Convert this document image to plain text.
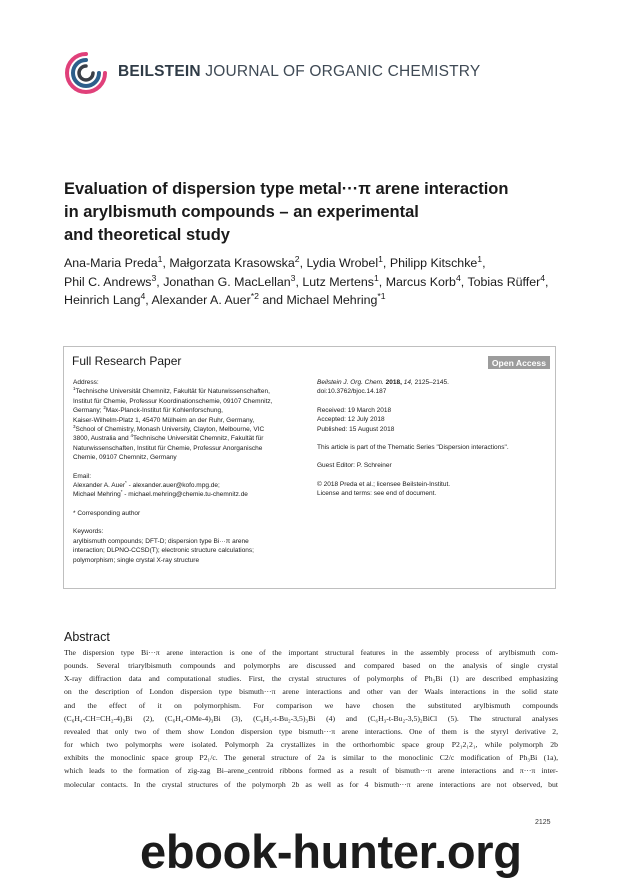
BEILSTEIN JOURNAL OF ORGANIC CHEMISTRY
Evaluation of dispersion type metal···π arene interaction
in arylbismuth compounds – an experimental
and theoretical study
Ana-Maria Preda$^1$, Małgorzata Krasowska$^2$, Lydia Wrobel$^1$, Philipp Kitschke$^1$,
Phil C. Andrews$^3$, Jonathan G. MacLellan$^3$, Lutz Mertens$^1$, Marcus Korb$^4$, Tobias Rüffer$^4$,
Heinrich Lang$^4$, Alexander A. Auer$^{*2}$ and Michael Mehring$^{*1}$
Full Research Paper	Open Access

Address:

$^1$Technische Universität Chemnitz, Fakultät für Naturwissenschaften,

Institut für Chemie, Professur Koordinationschemie, 09107 Chemnitz,

Germany; $^2$Max-Planck-Institut für Kohlenforschung,

Kaiser-Wilhelm-Platz 1, 45470 Mülheim an der Ruhr, Germany,

$^3$School of Chemistry, Monash University, Clayton, Melbourne, VIC

3800, Australia and $^4$Technische Universität Chemnitz, Fakultät für

Naturwissenschaften, Institut für Chemie, Professur Anorganische

Chemie, 09107 Chemnitz, Germany

Email:

Alexander A. Auer* - alexander.auer@kofo.mpg.de;

Michael Mehring* - michael.mehring@chemie.tu-chemnitz.de

* Corresponding author

Keywords:

arylbismuth compounds; DFT-D; dispersion type Bi···π arene

interaction; DLPNO-CCSD(T); electronic structure calculations;

polymorphism; single crystal X-ray structure

Beilstein J. Org. Chem. 2018, 14, 2125–2145.

doi:10.3762/bjoc.14.187

Received: 19 March 2018

Accepted: 12 July 2018

Published: 15 August 2018

This article is part of the Thematic Series "Dispersion interactions".

Guest Editor: P. Schreiner

© 2018 Preda et al.; licensee Beilstein-Institut.

License and terms: see end of document.

Abstract
The dispersion type Bi···π arene interaction is one of the important structural features in the assembly process of arylbismuth com-
pounds. Several triarylbismuth compounds and polymorphs are discussed and compared based on the analysis of single crystal
X-ray diffraction data and computational studies. First, the crystal structures of polymorphs of Ph₃Bi (1) are described emphasizing
on the description of London dispersion type bismuth···π arene interactions and other van der Waals interactions in the solid state
and the effect of it on polymorphism. For comparison we have chosen the substituted arylbismuth compounds
(C₆H₄-CH=CH₂-4)₃Bi (2), (C₆H₄-OMe-4)₃Bi (3), (C₆H₃-t-Bu₂-3,5)₃Bi (4) and (C₆H₃-t-Bu₂-3,5)₂BiCl (5). The structural analyses
revealed that only two of them show London dispersion type bismuth···π arene interactions. One of them is the styryl derivative 2,
for which two polymorphs were isolated. Polymorph 2a crystallizes in the orthorhombic space group P2₁2₁2₁, while polymorph 2b
exhibits the monoclinic space group P2₁/c. The general structure of 2a is similar to the monoclinic C2/c modification of Ph₃Bi (1a),
which leads to the formation of zig-zag Bi–arene_centroid ribbons formed as a result of bismuth···π arene interactions and π···π inter-
molecular contacts. In the crystal structures of the polymorph 2b as well as for 4 bismuth···π arene interactions are not observed, but
2125
ebook-hunter.org
